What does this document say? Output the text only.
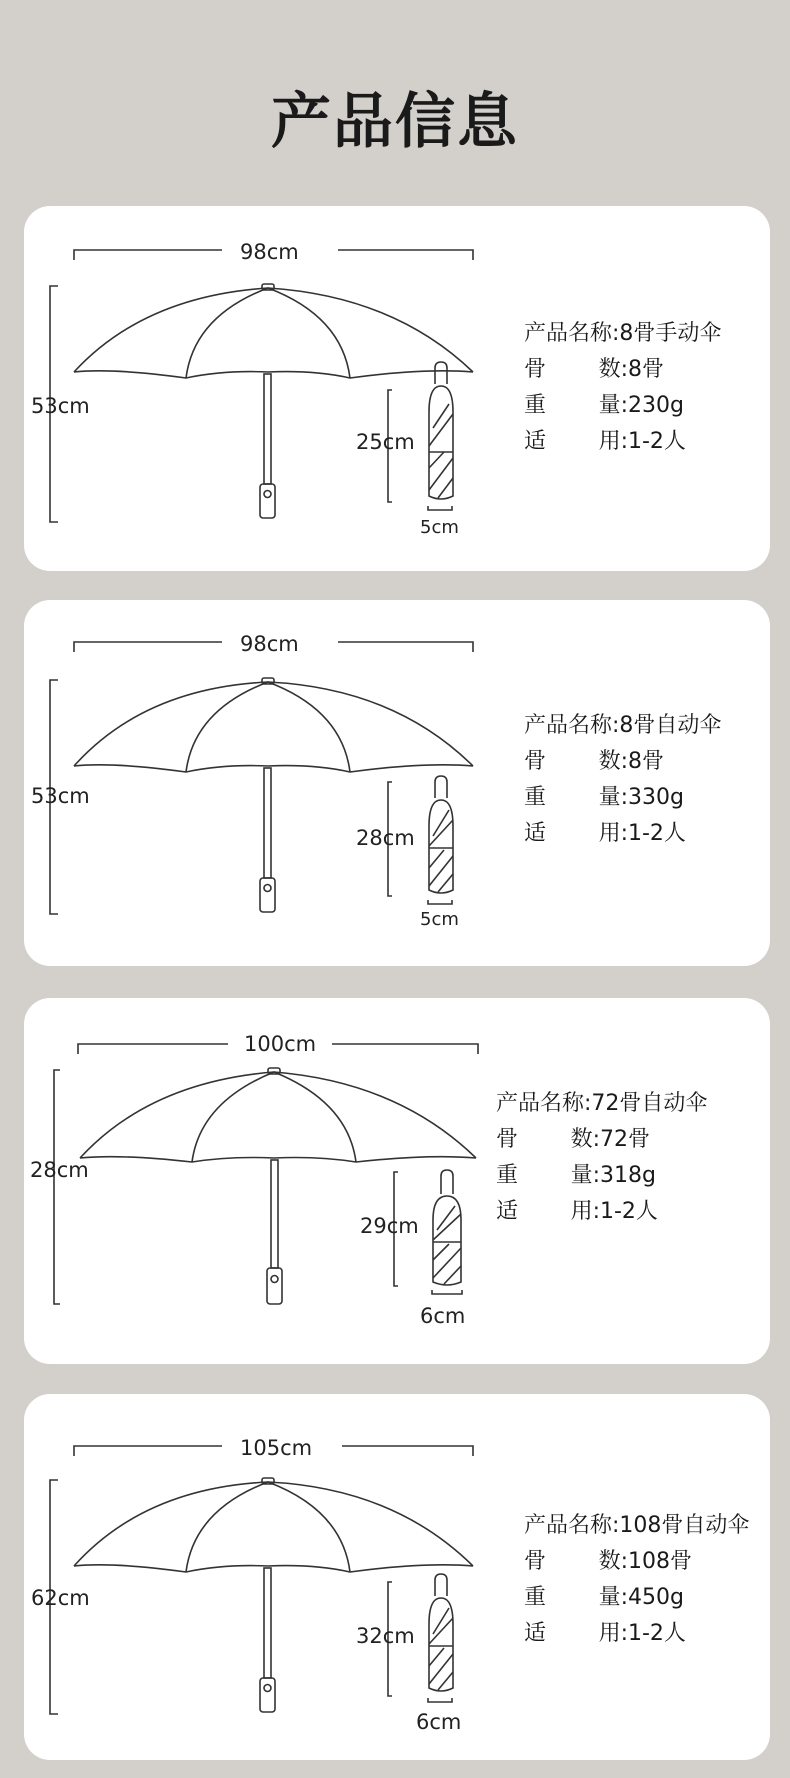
产品信息
98cm
53cm
25cm
5cm
产品名称: 8骨手动伞
骨 数: 8骨
重 量: 230g
适 用: 1-2人
98cm
53cm
28cm
5cm
产品名称: 8骨自动伞
骨 数: 8骨
重 量: 330g
适 用: 1-2人
100cm
28cm
29cm
6cm
产品名称: 72骨自动伞
骨 数: 72骨
重 量: 318g
适 用: 1-2人
105cm
62cm
32cm
6cm
产品名称: 108骨自动伞
骨 数: 108骨
重 量: 450g
适 用: 1-2人
